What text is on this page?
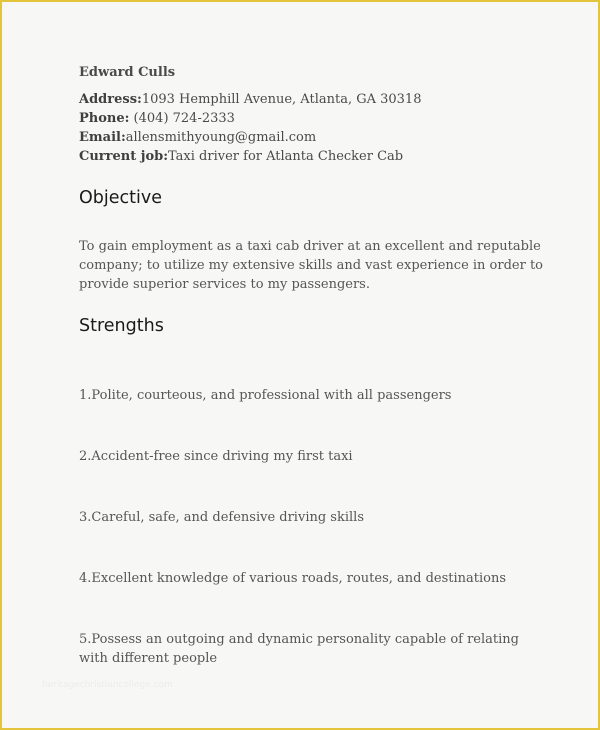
Edward Culls
Address:1093 Hemphill Avenue, Atlanta, GA 30318
Phone: (404) 724-2333
Email:allensmithyoung@gmail.com
Current job:Taxi driver for Atlanta Checker Cab
Objective
To gain employment as a taxi cab driver at an excellent and reputable company; to utilize my extensive skills and vast experience in order to provide superior services to my passengers.
Strengths
1.Polite, courteous, and professional with all passengers
2.Accident-free since driving my first taxi
3.Careful, safe, and defensive driving skills
4.Excellent knowledge of various roads, routes, and destinations
5.Possess an outgoing and dynamic personality capable of relating with different people
heritagechristiancollege.com
